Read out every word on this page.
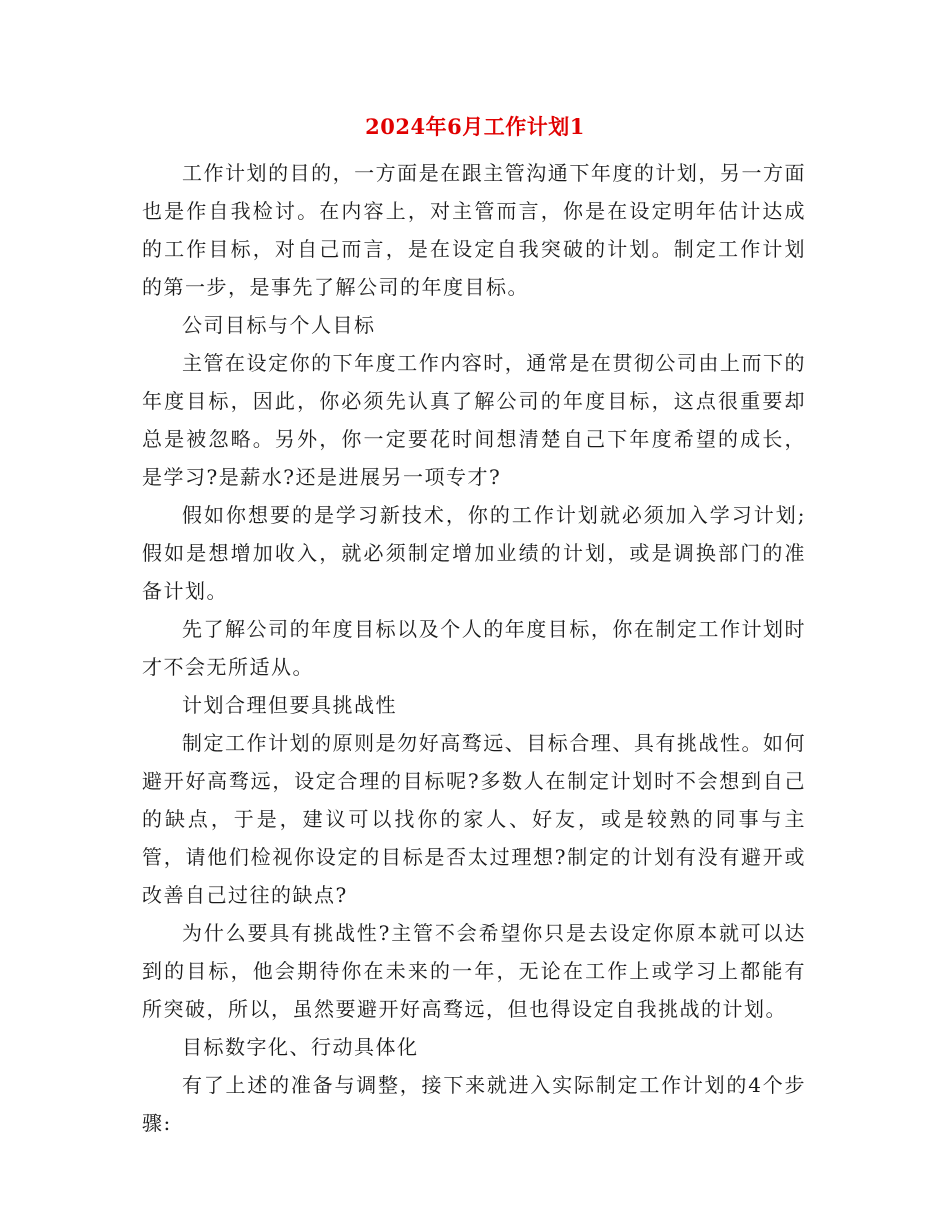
2024年6月工作计划1

工作计划的目的，一方面是在跟主管沟通下年度的计划，另一方面也是作自我检讨。在内容上，对主管而言，你是在设定明年估计达成的工作目标，对自己而言，是在设定自我突破的计划。制定工作计划的第一步，是事先了解公司的年度目标。

公司目标与个人目标

主管在设定你的下年度工作内容时，通常是在贯彻公司由上而下的年度目标，因此，你必须先认真了解公司的年度目标，这点很重要却总是被忽略。另外，你一定要花时间想清楚自己下年度希望的成长，是学习?是薪水?还是进展另一项专才?

假如你想要的是学习新技术，你的工作计划就必须加入学习计划;假如是想增加收入，就必须制定增加业绩的计划，或是调换部门的准备计划。

先了解公司的年度目标以及个人的年度目标，你在制定工作计划时才不会无所适从。

计划合理但要具挑战性

制定工作计划的原则是勿好高骛远、目标合理、具有挑战性。如何避开好高骛远，设定合理的目标呢?多数人在制定计划时不会想到自己的缺点，于是，建议可以找你的家人、好友，或是较熟的同事与主管，请他们检视你设定的目标是否太过理想?制定的计划有没有避开或改善自己过往的缺点?

为什么要具有挑战性?主管不会希望你只是去设定你原本就可以达到的目标，他会期待你在未来的一年，无论在工作上或学习上都能有所突破，所以，虽然要避开好高骛远，但也得设定自我挑战的计划。

目标数字化、行动具体化

有了上述的准备与调整，接下来就进入实际制定工作计划的4个步骤:
